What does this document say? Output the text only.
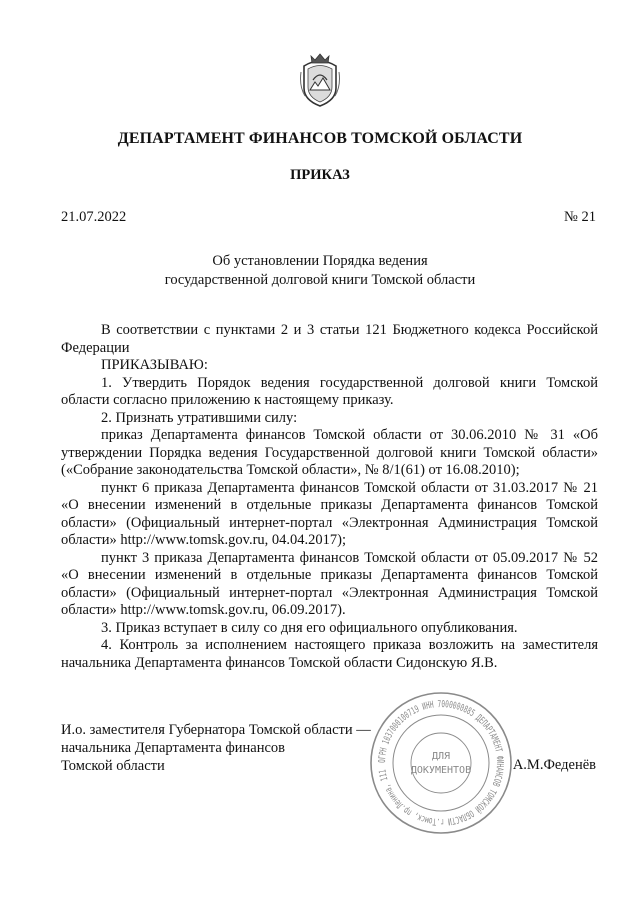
ДЕПАРТАМЕНТ ФИНАНСОВ ТОМСКОЙ ОБЛАСТИ
ПРИКАЗ
21.07.2022	№ 21
Об установлении Порядка ведения
государственной долговой книги Томской области

В соответствии с пунктами 2 и 3 статьи 121 Бюджетного кодекса Российской Федерации

ПРИКАЗЫВАЮ:

1. Утвердить Порядок ведения государственной долговой книги Томской области согласно приложению к настоящему приказу.

2. Признать утратившими силу:

приказ Департамента финансов Томской области от 30.06.2010 № 31 «Об утверждении Порядка ведения Государственной долговой книги Томской области» («Собрание законодательства Томской области», № 8/1(61) от 16.08.2010);

пункт 6 приказа Департамента финансов Томской области от 31.03.2017 № 21 «О внесении изменений в отдельные приказы Департамента финансов Томской области» (Официальный интернет-портал «Электронная Администрация Томской области» http://www.tomsk.gov.ru, 04.04.2017);

пункт 3 приказа Департамента финансов Томской области от 05.09.2017 № 52 «О внесении изменений в отдельные приказы Департамента финансов Томской области» (Официальный интернет-портал «Электронная Администрация Томской области» http://www.tomsk.gov.ru, 06.09.2017).

3. Приказ вступает в силу со дня его официального опубликования.

4. Контроль за исполнением настоящего приказа возложить на заместителя начальника Департамента финансов Томской области Сидонскую Я.В.

И.о. заместителя Губернатора Томской области —
начальника Департамента финансов
Томской области	А.М.Феденёв
ОГРН 1037000100719 ИНН 7000000885 ДЕПАРТАМЕНТ ФИНАНСОВ ТОМСКОЙ ОБЛАСТИ г.Томск, пр.Ленина, 111
ДЛЯ
ДОКУМЕНТОВ
